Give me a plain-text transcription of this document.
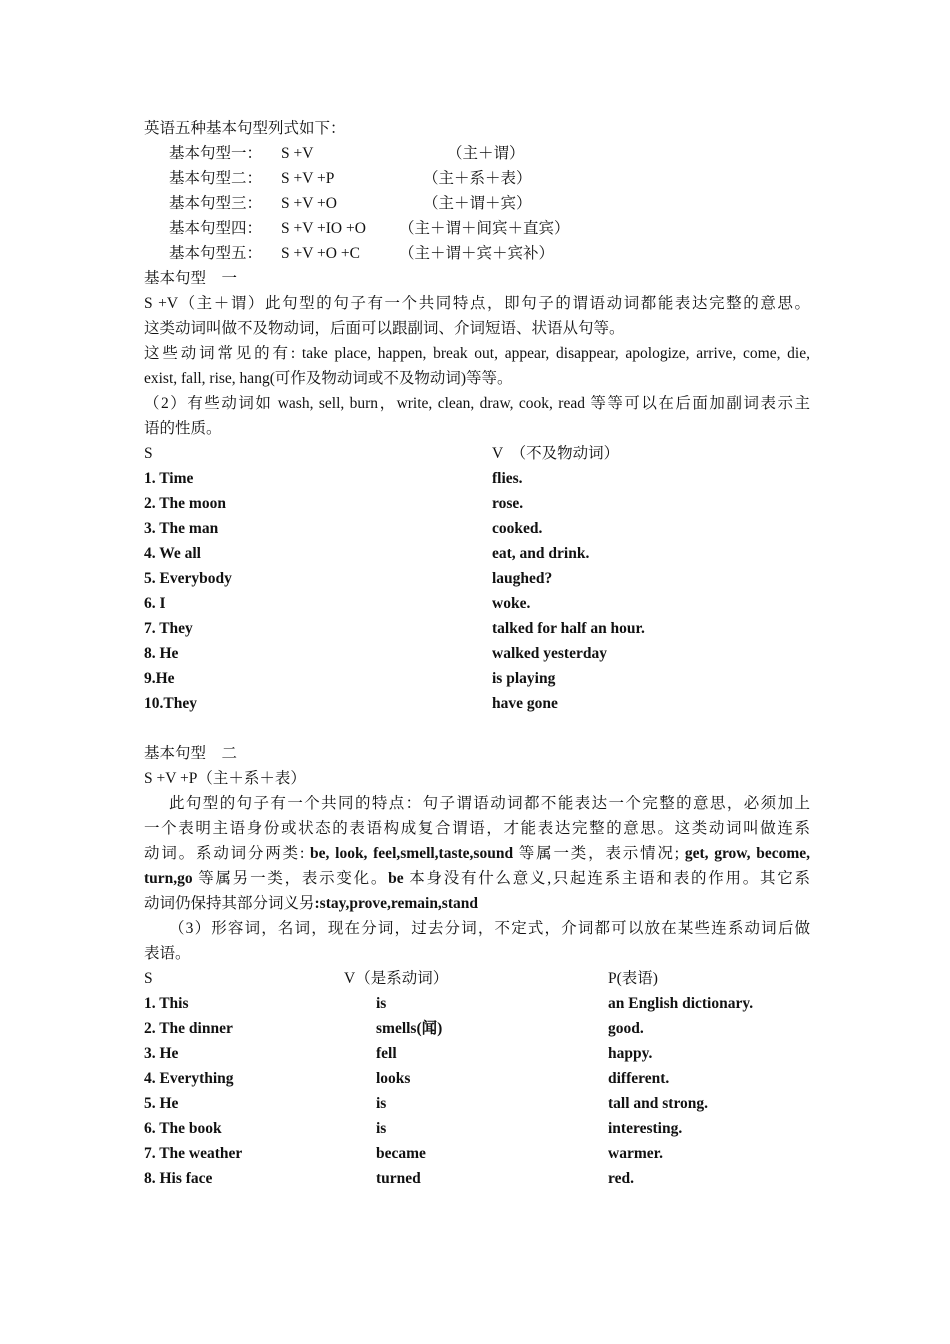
英语五种基本句型列式如下：
基本句型一：	S +V	（主＋谓）
基本句型二：	S +V +P	（主＋系＋表）
基本句型三：	S +V +O	（主＋谓＋宾）
基本句型四：	S +V +IO +O	（主＋谓＋间宾＋直宾）
基本句型五：	S +V +O +C	（主＋谓＋宾＋宾补）
基本句型　一
S +V（主＋谓）此句型的句子有一个共同特点，即句子的谓语动词都能表达完整的意思。
这类动词叫做不及物动词，后面可以跟副词、介词短语、状语从句等。
这些动词常见的有: take place, happen, break out, appear, disappear, apologize, arrive, come, die,
exist, fall, rise, hang(可作及物动词或不及物动词)等等。
（2）有些动词如 wash, sell, burn，write, clean, draw, cook, read 等等可以在后面加副词表示主
语的性质。
S	V　（不及物动词）
1. Time	flies.
2. The moon	rose.
3. The man	cooked.
4. We all	eat, and drink.
5. Everybody	laughed?
6. I	woke.
7. They	talked for half an hour.
8. He	walked yesterday
9.He	is playing
10.They	have gone
基本句型　二
S +V +P（主＋系＋表）
此句型的句子有一个共同的特点：句子谓语动词都不能表达一个完整的意思，必须加上
一个表明主语身份或状态的表语构成复合谓语，才能表达完整的意思。这类动词叫做连系
动词。系动词分两类: be, look, feel,smell,taste,sound 等属一类，表示情况; get, grow, become,
turn,go 等属另一类，表示变化。be 本身没有什么意义,只起连系主语和表的作用。其它系
动词仍保持其部分词义另:stay,prove,remain,stand
（3）形容词，名词，现在分词，过去分词，不定式，介词都可以放在某些连系动词后做
表语。
S	V（是系动词）	P(表语)
1. This	is	an English dictionary.
2. The dinner	smells(闻)	good.
3. He	fell	happy.
4. Everything	looks	different.
5. He	is	tall and strong.
6. The book	is	interesting.
7. The weather	became	warmer.
8. His face	turned	red.
